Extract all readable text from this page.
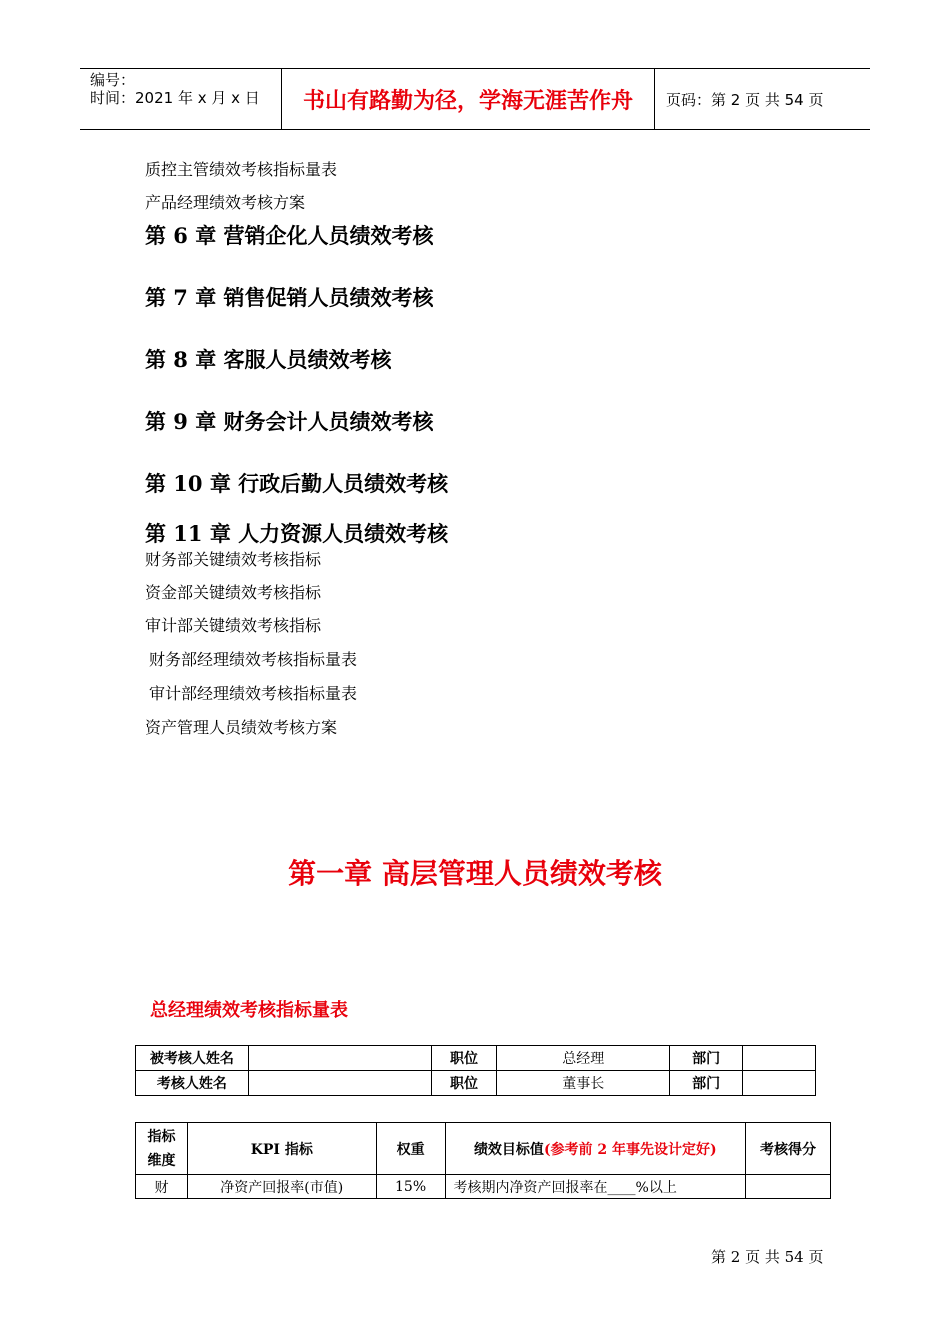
编号：
时间：2021 年 x 月 x 日	书山有路勤为径，学海无涯苦作舟	页码：第 2 页 共 54 页
质控主管绩效考核指标量表
产品经理绩效考核方案
第 6 章 营销企化人员绩效考核
第 7 章 销售促销人员绩效考核
第 8 章 客服人员绩效考核
第 9 章 财务会计人员绩效考核
第 10 章 行政后勤人员绩效考核
第 11 章 人力资源人员绩效考核
财务部关键绩效考核指标
资金部关键绩效考核指标
审计部关键绩效考核指标
财务部经理绩效考核指标量表
审计部经理绩效考核指标量表
资产管理人员绩效考核方案
第一章 高层管理人员绩效考核
总经理绩效考核指标量表
被考核人姓名		职位	总经理	部门	
考核人姓名		职位	董事长	部门	
指标
维度	KPI 指标	权重	绩效目标值(参考前 2 年事先设计定好)	考核得分
财	净资产回报率(市值)	15%	考核期内净资产回报率在____%以上	
第 2 页 共 54 页
